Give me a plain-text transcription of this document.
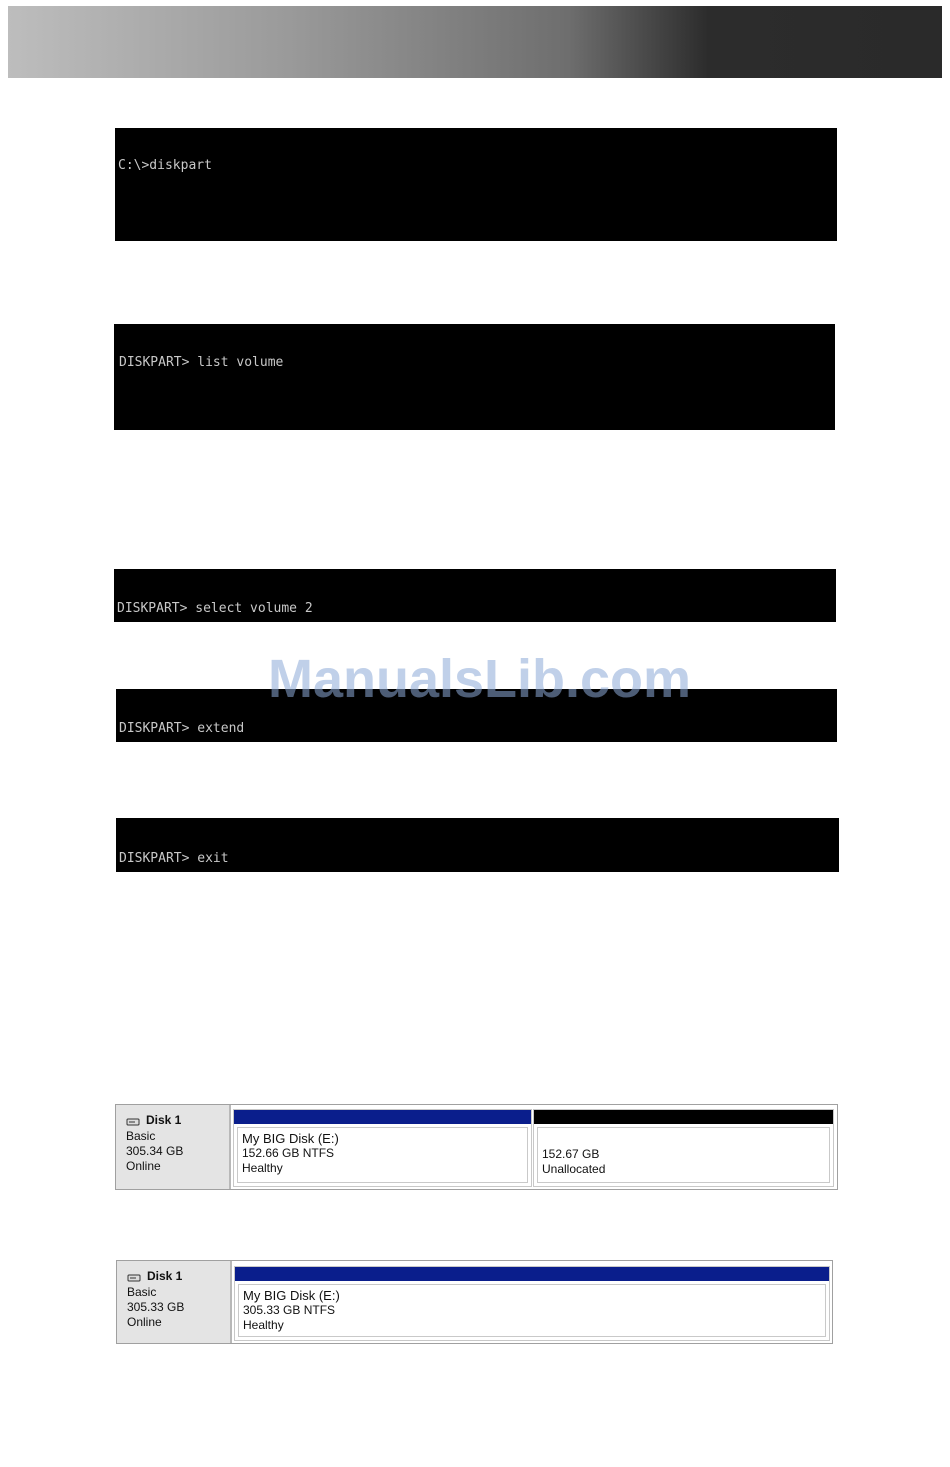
C:\>diskpart

DISKPART> list volume

DISKPART> select volume 2

DISKPART> extend

DISKPART> exit

ManualsLib.com
Disk 1
Basic
305.34 GB
Online
My BIG Disk (E:)
152.66 GB NTFS
Healthy
152.67 GB
Unallocated
Disk 1
Basic
305.33 GB
Online
My BIG Disk (E:)
305.33 GB NTFS
Healthy
